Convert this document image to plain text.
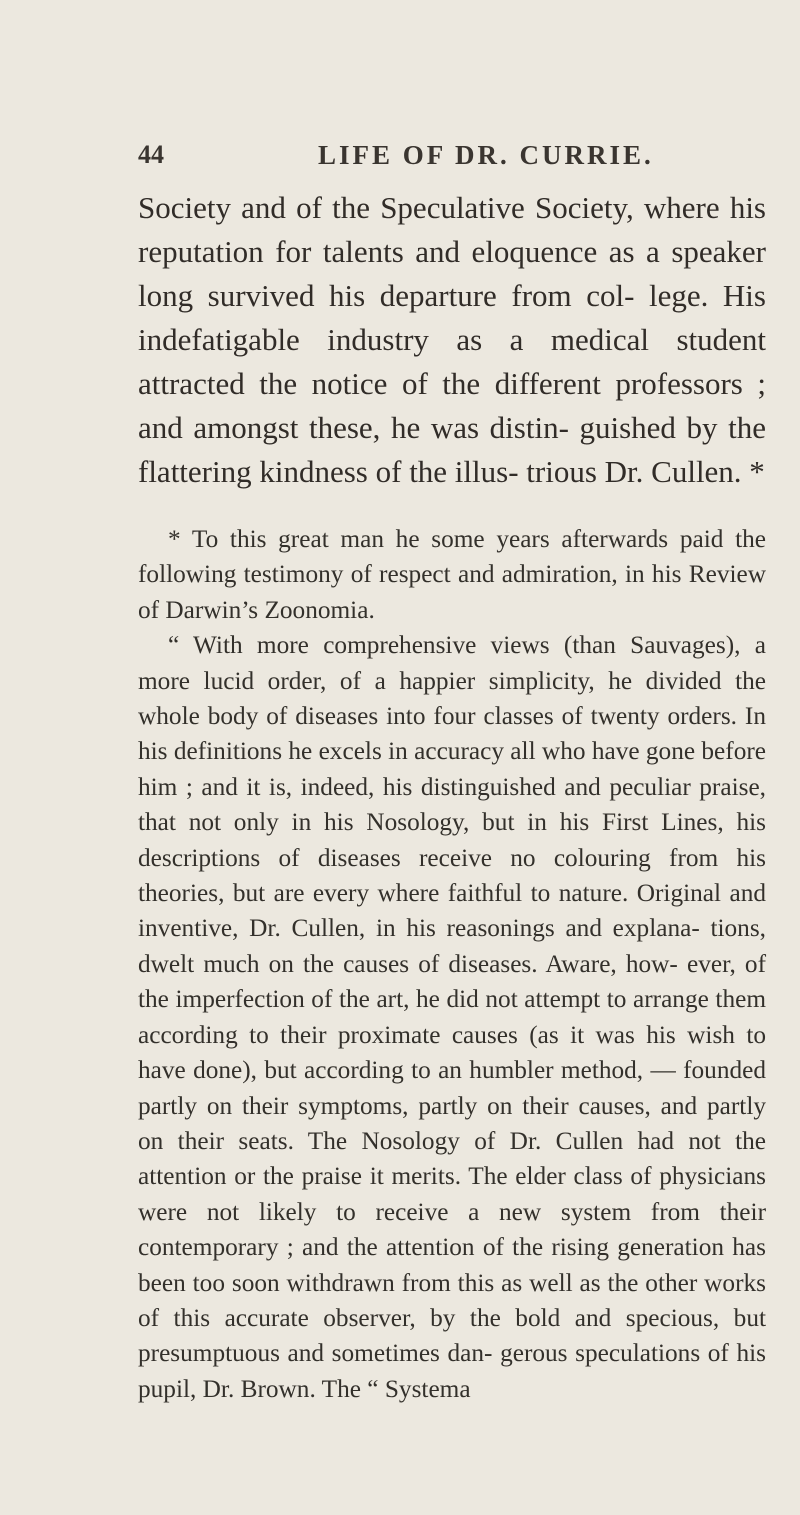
44	LIFE OF DR. CURRIE.

Society and of the Speculative Society, where his reputation for talents and eloquence as a speaker long survived his departure from col- lege. His indefatigable industry as a medical student attracted the notice of the different professors ; and amongst these, he was distin- guished by the flattering kindness of the illus- trious Dr. Cullen. *

* To this great man he some years afterwards paid the following testimony of respect and admiration, in his Review of Darwin’s Zoonomia.

“ With more comprehensive views (than Sauvages), a more lucid order, of a happier simplicity, he divided the whole body of diseases into four classes of twenty orders. In his definitions he excels in accuracy all who have gone before him ; and it is, indeed, his distinguished and peculiar praise, that not only in his Nosology, but in his First Lines, his descriptions of diseases receive no colouring from his theories, but are every where faithful to nature. Original and inventive, Dr. Cullen, in his reasonings and explana- tions, dwelt much on the causes of diseases. Aware, how- ever, of the imperfection of the art, he did not attempt to arrange them according to their proximate causes (as it was his wish to have done), but according to an humbler method, — founded partly on their symptoms, partly on their causes, and partly on their seats. The Nosology of Dr. Cullen had not the attention or the praise it merits. The elder class of physicians were not likely to receive a new system from their contemporary ; and the attention of the rising generation has been too soon withdrawn from this as well as the other works of this accurate observer, by the bold and specious, but presumptuous and sometimes dan- gerous speculations of his pupil, Dr. Brown. The “ Systema
